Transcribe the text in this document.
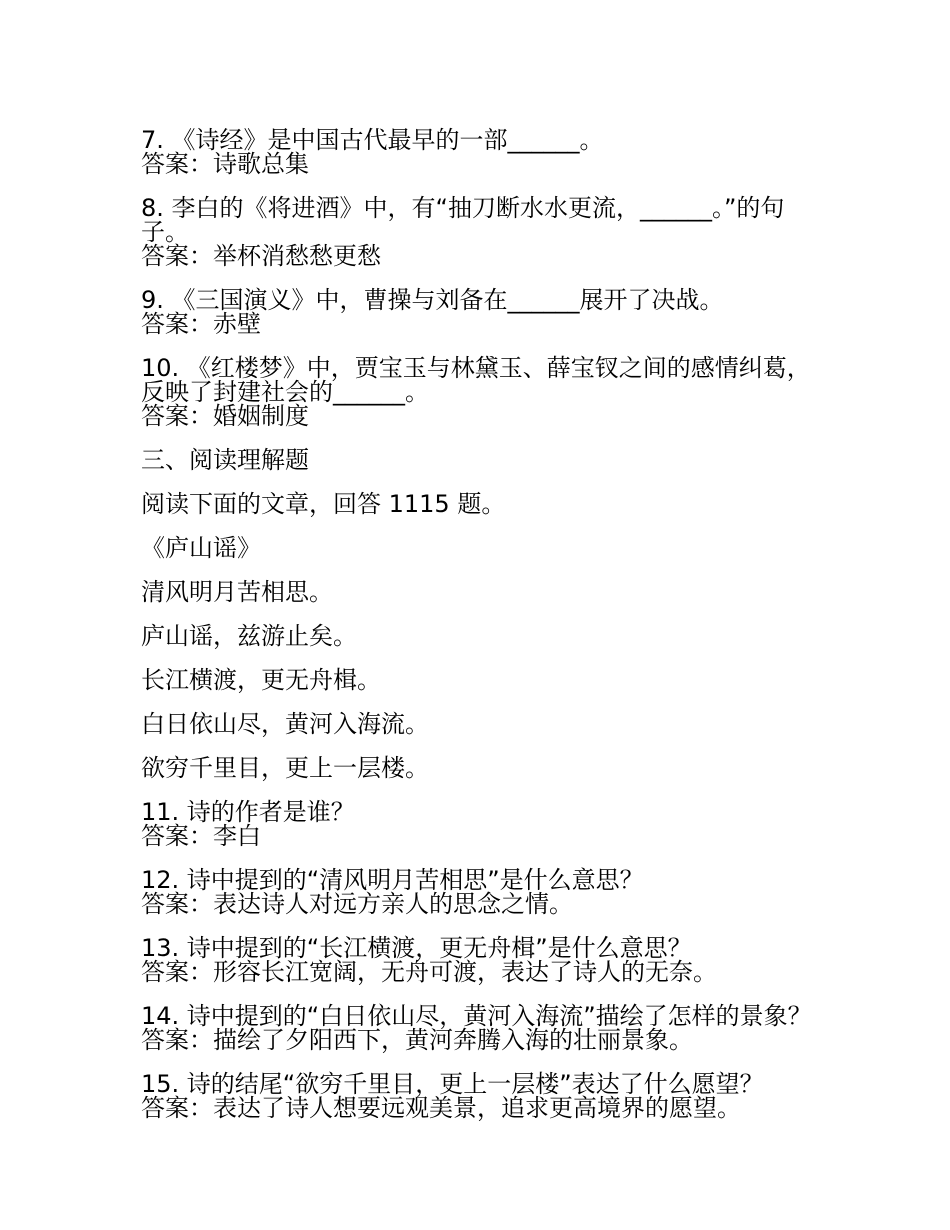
7. 《诗经》是中国古代最早的一部______。

答案：诗歌总集

8. 李白的《将进酒》中，有“抽刀断水水更流，______。”的句子。

答案：举杯消愁愁更愁

9. 《三国演义》中，曹操与刘备在______展开了决战。

答案：赤壁

10. 《红楼梦》中，贾宝玉与林黛玉、薛宝钗之间的感情纠葛，反映了封建社会的______。

答案：婚姻制度

三、阅读理解题

阅读下面的文章，回答 1115 题。

《庐山谣》

清风明月苦相思。

庐山谣，兹游止矣。

长江横渡，更无舟楫。

白日依山尽，黄河入海流。

欲穷千里目，更上一层楼。

11. 诗的作者是谁？

答案：李白

12. 诗中提到的“清风明月苦相思”是什么意思？

答案：表达诗人对远方亲人的思念之情。

13. 诗中提到的“长江横渡，更无舟楫”是什么意思？

答案：形容长江宽阔，无舟可渡，表达了诗人的无奈。

14. 诗中提到的“白日依山尽，黄河入海流”描绘了怎样的景象？

答案：描绘了夕阳西下，黄河奔腾入海的壮丽景象。

15. 诗的结尾“欲穷千里目，更上一层楼”表达了什么愿望？

答案：表达了诗人想要远观美景，追求更高境界的愿望。
